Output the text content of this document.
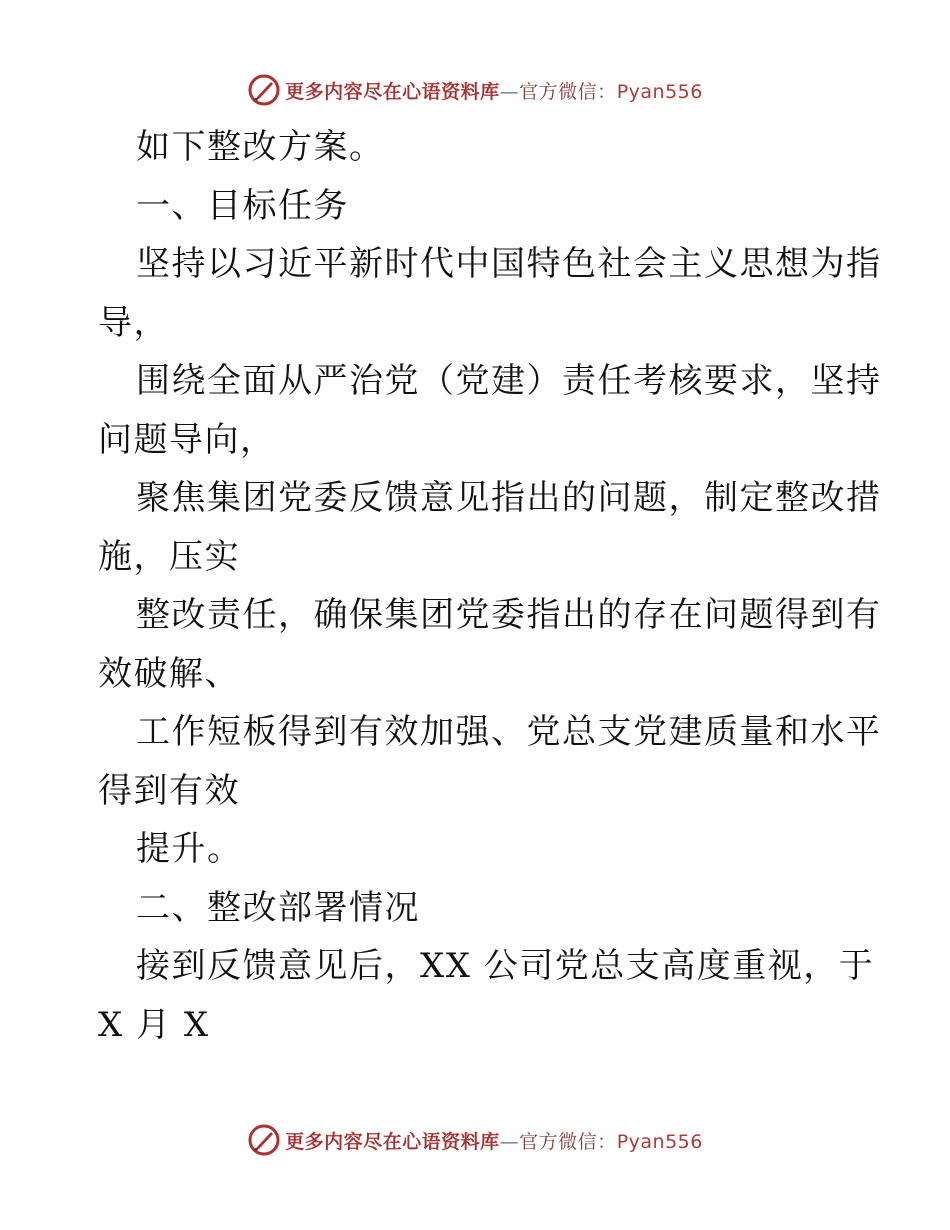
更多内容尽在心语资料库—官方微信：Pyan556
如下整改方案。
一、目标任务
坚持以习近平新时代中国特色社会主义思想为指
导，
围绕全面从严治党（党建）责任考核要求，坚持
问题导向，
聚焦集团党委反馈意见指出的问题，制定整改措
施，压实
整改责任，确保集团党委指出的存在问题得到有
效破解、
工作短板得到有效加强、党总支党建质量和水平
得到有效
提升。
二、整改部署情况
接到反馈意见后，XX 公司党总支高度重视，于
X 月 X
更多内容尽在心语资料库—官方微信：Pyan556
